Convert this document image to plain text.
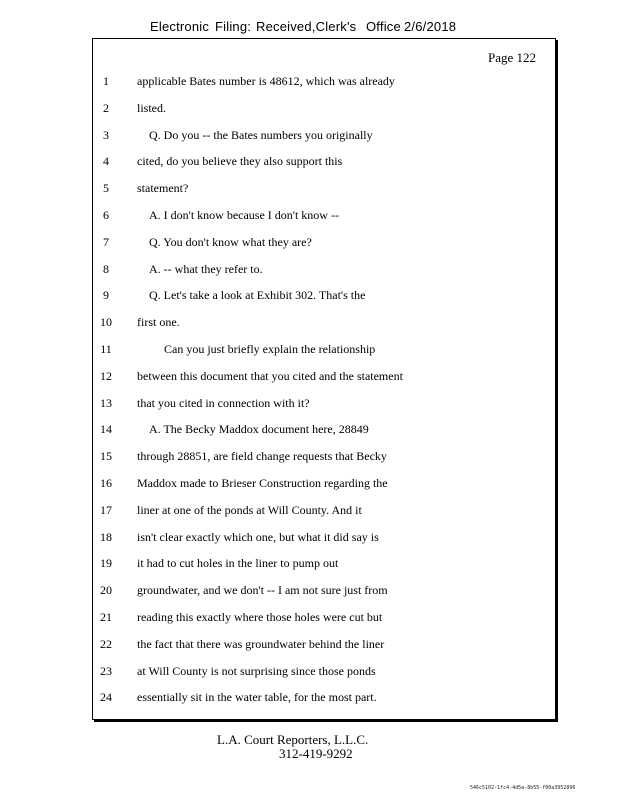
Electronic Filing: Received,Clerk's Office 2/6/2018
Page 122
1	applicable Bates number is 48612, which was already
2	listed.
3	Q. Do you -- the Bates numbers you originally
4	cited, do you believe they also support this
5	statement?
6	A. I don't know because I don't know --
7	Q. You don't know what they are?
8	A. -- what they refer to.
9	Q. Let's take a look at Exhibit 302. That's the
10	first one.
11	Can you just briefly explain the relationship
12	between this document that you cited and the statement
13	that you cited in connection with it?
14	A. The Becky Maddox document here, 28849
15	through 28851, are field change requests that Becky
16	Maddox made to Brieser Construction regarding the
17	liner at one of the ponds at Will County. And it
18	isn't clear exactly which one, but what it did say is
19	it had to cut holes in the liner to pump out
20	groundwater, and we don't -- I am not sure just from
21	reading this exactly where those holes were cut but
22	the fact that there was groundwater behind the liner
23	at Will County is not surprising since those ponds
24	essentially sit in the water table, for the most part.
L.A. Court Reporters, L.L.C.
312-419-9292
546c5102-1fc4-4d5a-8b55-f00a3952896
